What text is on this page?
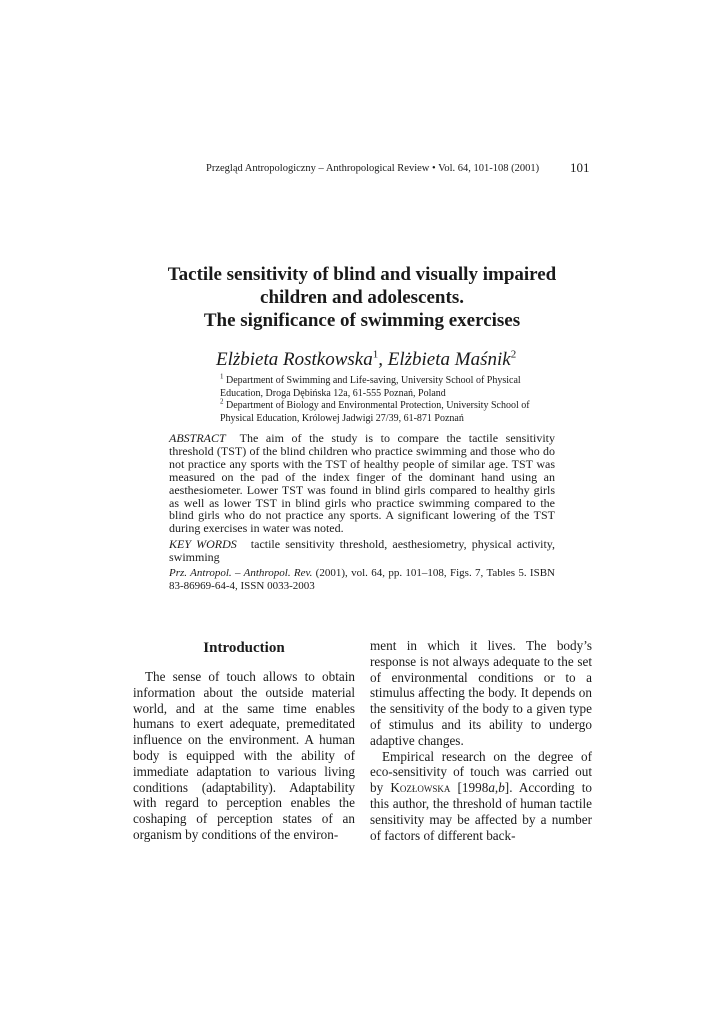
Przegląd Antropologiczny – Anthropological Review • Vol. 64, 101-108 (2001) 101
Tactile sensitivity of blind and visually impaired
children and adolescents.
The significance of swimming exercises
Elżbieta Rostkowska$^1$, Elżbieta Maśnik$^2$
$^1$ Department of Swimming and Life-saving, University School of Physical Education, Droga Dębińska 12a, 61-555 Poznań, Poland
$^2$ Department of Biology and Environmental Protection, University School of Physical Education, Królowej Jadwigi 27/39, 61-871 Poznań
ABSTRACT The aim of the study is to compare the tactile sensitivity threshold (TST) of the blind children who practice swimming and those who do not practice any sports with the TST of healthy people of similar age. TST was measured on the pad of the index finger of the dominant hand using an aesthesiometer. Lower TST was found in blind girls compared to healthy girls as well as lower TST in blind girls who practice swimming compared to the blind girls who do not practice any sports. A significant lowering of the TST during exercises in water was noted.
KEY WORDS tactile sensitivity threshold, aesthesiometry, physical activity, swimming
Prz. Antropol. – Anthropol. Rev. (2001), vol. 64, pp. 101–108, Figs. 7, Tables 5. ISBN 83-86969-64-4, ISSN 0033-2003
Introduction

The sense of touch allows to obtain information about the outside material world, and at the same time enables humans to exert adequate, premeditated influence on the environment. A human body is equipped with the ability of immediate adaptation to various living conditions (adaptability). Adaptability with regard to perception enables the coshaping of perception states of an organism by conditions of the environ-

ment in which it lives. The body’s response is not always adequate to the set of environmental conditions or to a stimulus affecting the body. It depends on the sensitivity of the body to a given type of stimulus and its ability to undergo adaptive changes.

Empirical research on the degree of eco-sensitivity of touch was carried out by Kozłowska [1998a,b]. According to this author, the threshold of human tactile sensitivity may be affected by a number of factors of different back-
